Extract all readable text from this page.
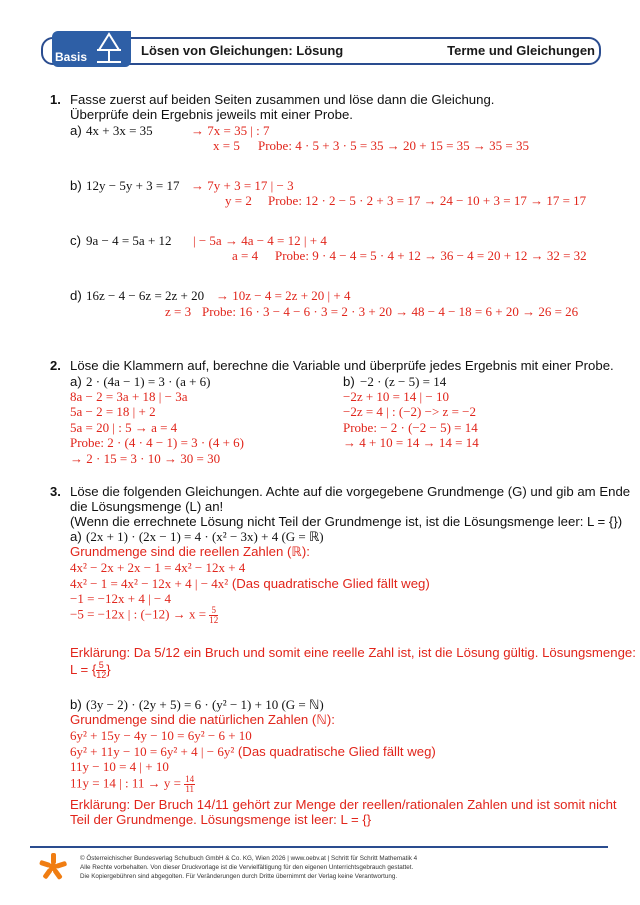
Basis	Lösen von Gleichungen: Lösung	Terme und Gleichungen
1. Fasse zuerst auf beiden Seiten zusammen und löse dann die Gleichung.
Überprüfe dein Ergebnis jeweils mit einer Probe.
a) 4x + 3x = 35	→ 7x = 35 | : 7
x = 5 Probe: 4 · 5 + 3 · 5 = 35 → 20 + 15 = 35 → 35 = 35
b) 12y − 5y + 3 = 17 → 7y + 3 = 17 | − 3
y = 2 Probe: 12 · 2 − 5 · 2 + 3 = 17 → 24 − 10 + 3 = 17 → 17 = 17
c) 9a − 4 = 5a + 12 | − 5a → 4a − 4 = 12 | + 4
a = 4 Probe: 9 · 4 − 4 = 5 · 4 + 12 → 36 − 4 = 20 + 12 → 32 = 32
d) 16z − 4 − 6z = 2z + 20 → 10z − 4 = 2z + 20 | + 4
z = 3 Probe: 16 · 3 − 4 − 6 · 3 = 2 · 3 + 20 → 48 − 4 − 18 = 6 + 20 → 26 = 26
2. Löse die Klammern auf, berechne die Variable und überprüfe jedes Ergebnis mit einer Probe.
a) 2 · (4a − 1) = 3 · (a + 6)
8a − 2 = 3a + 18 | − 3a
5a − 2 = 18 | + 2
5a = 20 | : 5 → a = 4
Probe: 2 · (4 · 4 − 1) = 3 · (4 + 6)
→ 2 · 15 = 3 · 10 → 30 = 30
b) −2 · (z − 5) = 14
−2z + 10 = 14 | − 10
−2z = 4 | : (−2) −> z = −2
Probe: − 2 · (−2 − 5) = 14
→ 4 + 10 = 14 → 14 = 14
3. Löse die folgenden Gleichungen. Achte auf die vorgegebene Grundmenge (G) und gib am Ende
die Lösungsmenge (L) an!
(Wenn die errechnete Lösung nicht Teil der Grundmenge ist, ist die Lösungsmenge leer: L = {})
a) (2x + 1) · (2x − 1) = 4 · (x² − 3x) + 4 (G = ℝ)
Grundmenge sind die reellen Zahlen (ℝ):
4x² − 2x + 2x − 1 = 4x² − 12x + 4
4x² − 1 = 4x² − 12x + 4 | − 4x² (Das quadratische Glied fällt weg)
−1 = −12x + 4 | − 4
−5 = −12x | : $(-12) \to x = \frac{5}{12}$
Erklärung: Da 5/12 ein Bruch und somit eine reelle Zahl ist, ist die Lösung gültig. Lösungsmenge:
L = { $\frac{5}{12}$ }
b) (3y − 2) · (2y + 5) = 6 · (y² − 1) + 10 (G = ℕ)
Grundmenge sind die natürlichen Zahlen (ℕ):
6y² + 15y − 4y − 10 = 6y² − 6 + 10
6y² + 11y − 10 = 6y² + 4 | − 6y² (Das quadratische Glied fällt weg)
11y − 10 = 4 | + 10
11y = 14 | : $11 \to y = \frac{14}{11}$
Erklärung: Der Bruch 14/11 gehört zur Menge der reellen/rationalen Zahlen und ist somit nicht
Teil der Grundmenge. Lösungsmenge ist leer: L = {}
© Österreichischer Bundesverlag Schulbuch GmbH & Co. KG, Wien 2026 | www.oebv.at | Schritt für Schritt Mathematik 4
Alle Rechte vorbehalten. Von dieser Druckvorlage ist die Vervielfältigung für den eigenen Unterrichtsgebrauch gestattet.
Die Kopiergebühren sind abgegolten. Für Veränderungen durch Dritte übernimmt der Verlag keine Verantwortung.
